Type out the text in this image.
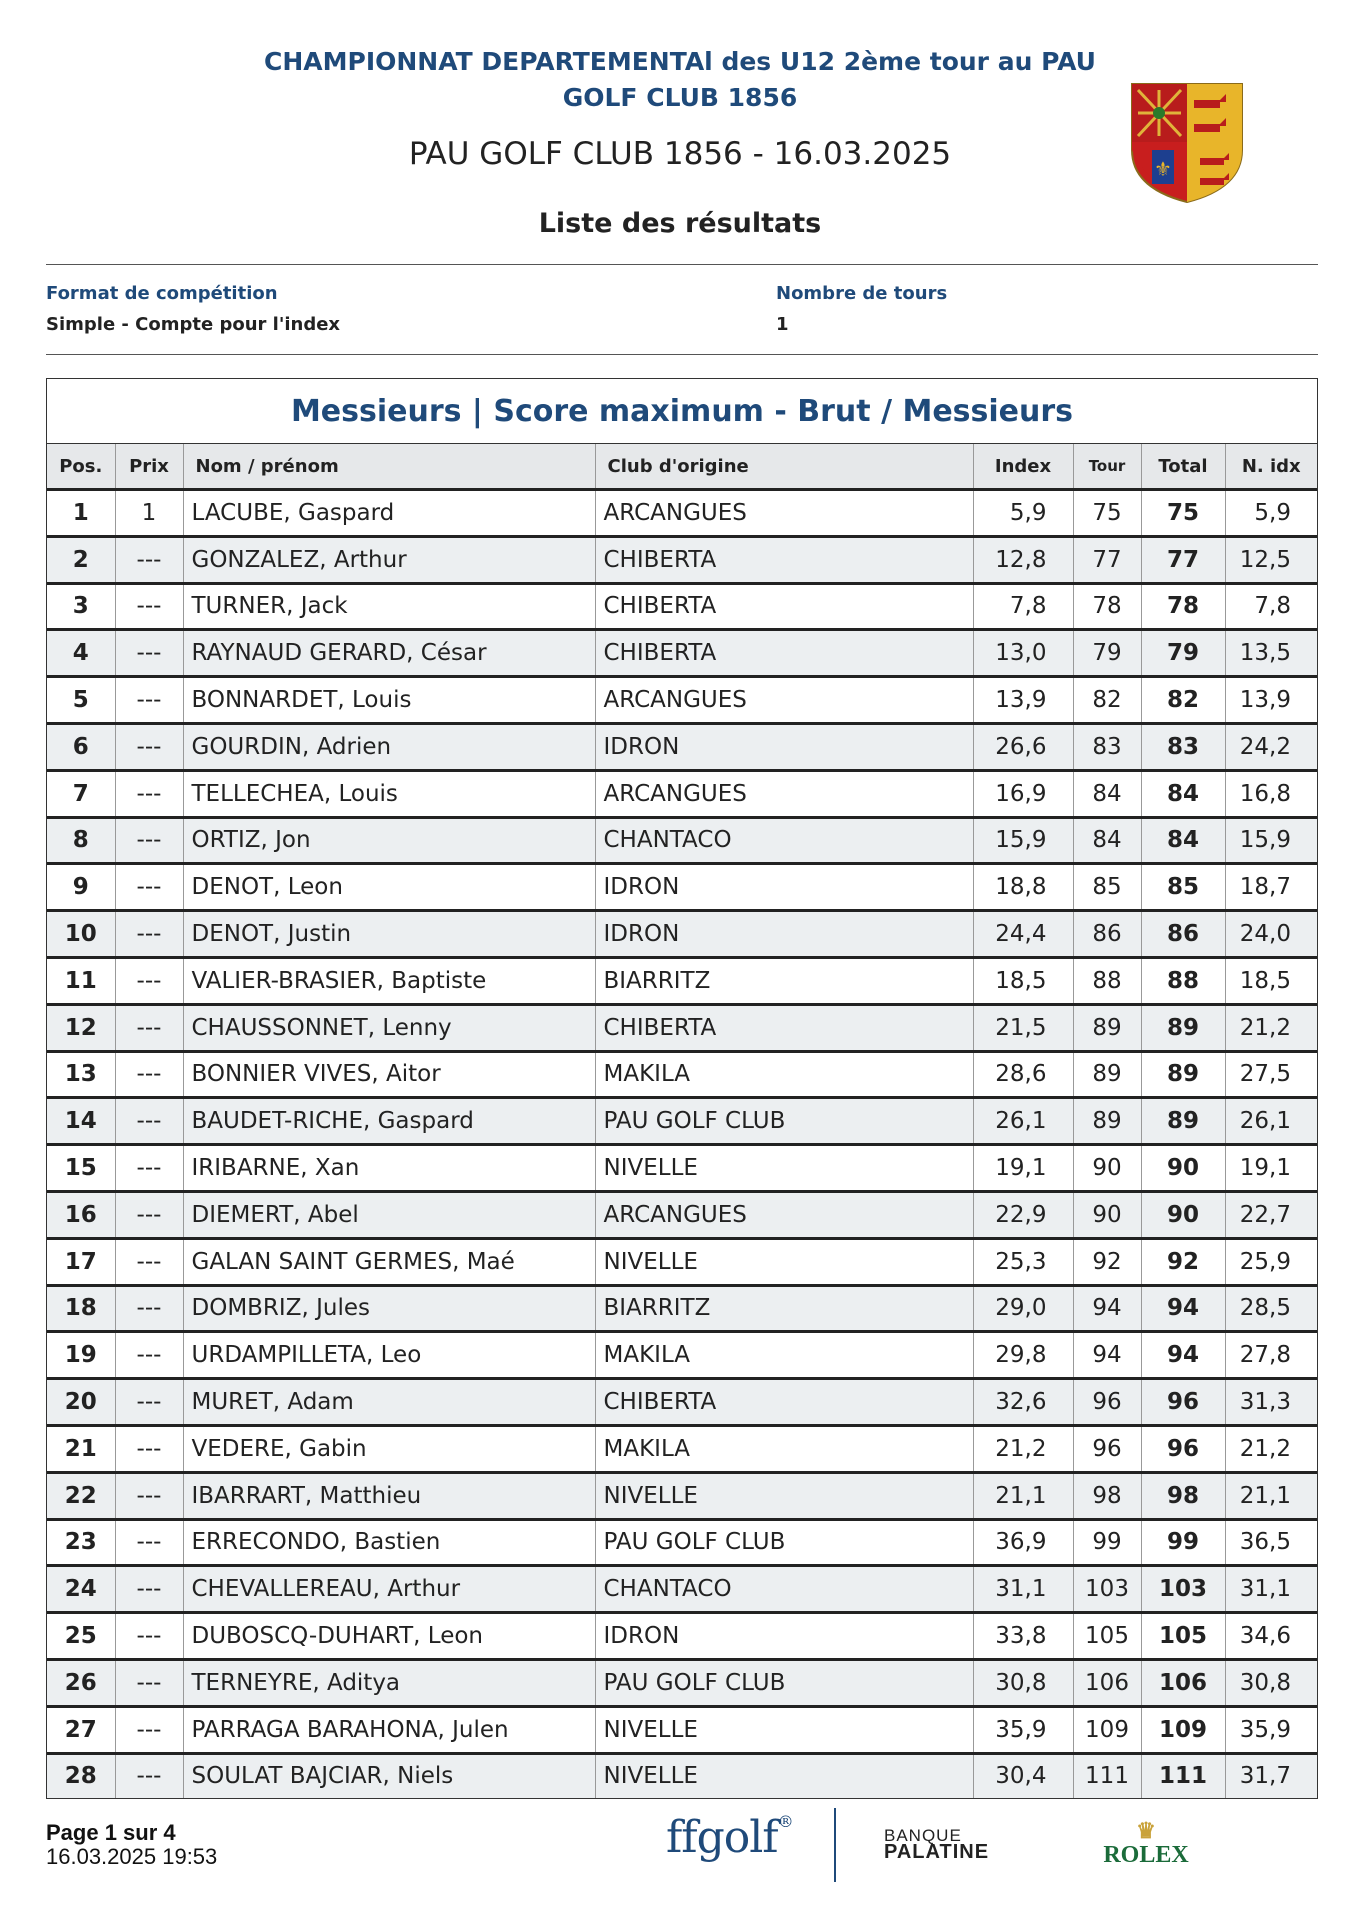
CHAMPIONNAT DEPARTEMENTAl des U12 2ème tour au PAU
GOLF CLUB 1856
PAU GOLF CLUB 1856 - 16.03.2025
Liste des résultats
⚜
Format de compétition
Simple - Compte pour l'index
Nombre de tours
1
Messieurs | Score maximum - Brut / Messieurs
Pos.	Prix	Nom / prénom	Club d'origine	Index	Tour	Total	N. idx
1	1	LACUBE, Gaspard	ARCANGUES	5,9	75	75	5,9
2	---	GONZALEZ, Arthur	CHIBERTA	12,8	77	77	12,5
3	---	TURNER, Jack	CHIBERTA	7,8	78	78	7,8
4	---	RAYNAUD GERARD, César	CHIBERTA	13,0	79	79	13,5
5	---	BONNARDET, Louis	ARCANGUES	13,9	82	82	13,9
6	---	GOURDIN, Adrien	IDRON	26,6	83	83	24,2
7	---	TELLECHEA, Louis	ARCANGUES	16,9	84	84	16,8
8	---	ORTIZ, Jon	CHANTACO	15,9	84	84	15,9
9	---	DENOT, Leon	IDRON	18,8	85	85	18,7
10	---	DENOT, Justin	IDRON	24,4	86	86	24,0
11	---	VALIER-BRASIER, Baptiste	BIARRITZ	18,5	88	88	18,5
12	---	CHAUSSONNET, Lenny	CHIBERTA	21,5	89	89	21,2
13	---	BONNIER VIVES, Aitor	MAKILA	28,6	89	89	27,5
14	---	BAUDET-RICHE, Gaspard	PAU GOLF CLUB	26,1	89	89	26,1
15	---	IRIBARNE, Xan	NIVELLE	19,1	90	90	19,1
16	---	DIEMERT, Abel	ARCANGUES	22,9	90	90	22,7
17	---	GALAN SAINT GERMES, Maé	NIVELLE	25,3	92	92	25,9
18	---	DOMBRIZ, Jules	BIARRITZ	29,0	94	94	28,5
19	---	URDAMPILLETA, Leo	MAKILA	29,8	94	94	27,8
20	---	MURET, Adam	CHIBERTA	32,6	96	96	31,3
21	---	VEDERE, Gabin	MAKILA	21,2	96	96	21,2
22	---	IBARRART, Matthieu	NIVELLE	21,1	98	98	21,1
23	---	ERRECONDO, Bastien	PAU GOLF CLUB	36,9	99	99	36,5
24	---	CHEVALLEREAU, Arthur	CHANTACO	31,1	103	103	31,1
25	---	DUBOSCQ-DUHART, Leon	IDRON	33,8	105	105	34,6
26	---	TERNEYRE, Aditya	PAU GOLF CLUB	30,8	106	106	30,8
27	---	PARRAGA BARAHONA, Julen	NIVELLE	35,9	109	109	35,9
28	---	SOULAT BAJCIAR, Niels	NIVELLE	30,4	111	111	31,7
Page 1 sur 4
16.03.2025 19:53	ffgolf®
BANQUE
PALATINE
♛
ROLEX
